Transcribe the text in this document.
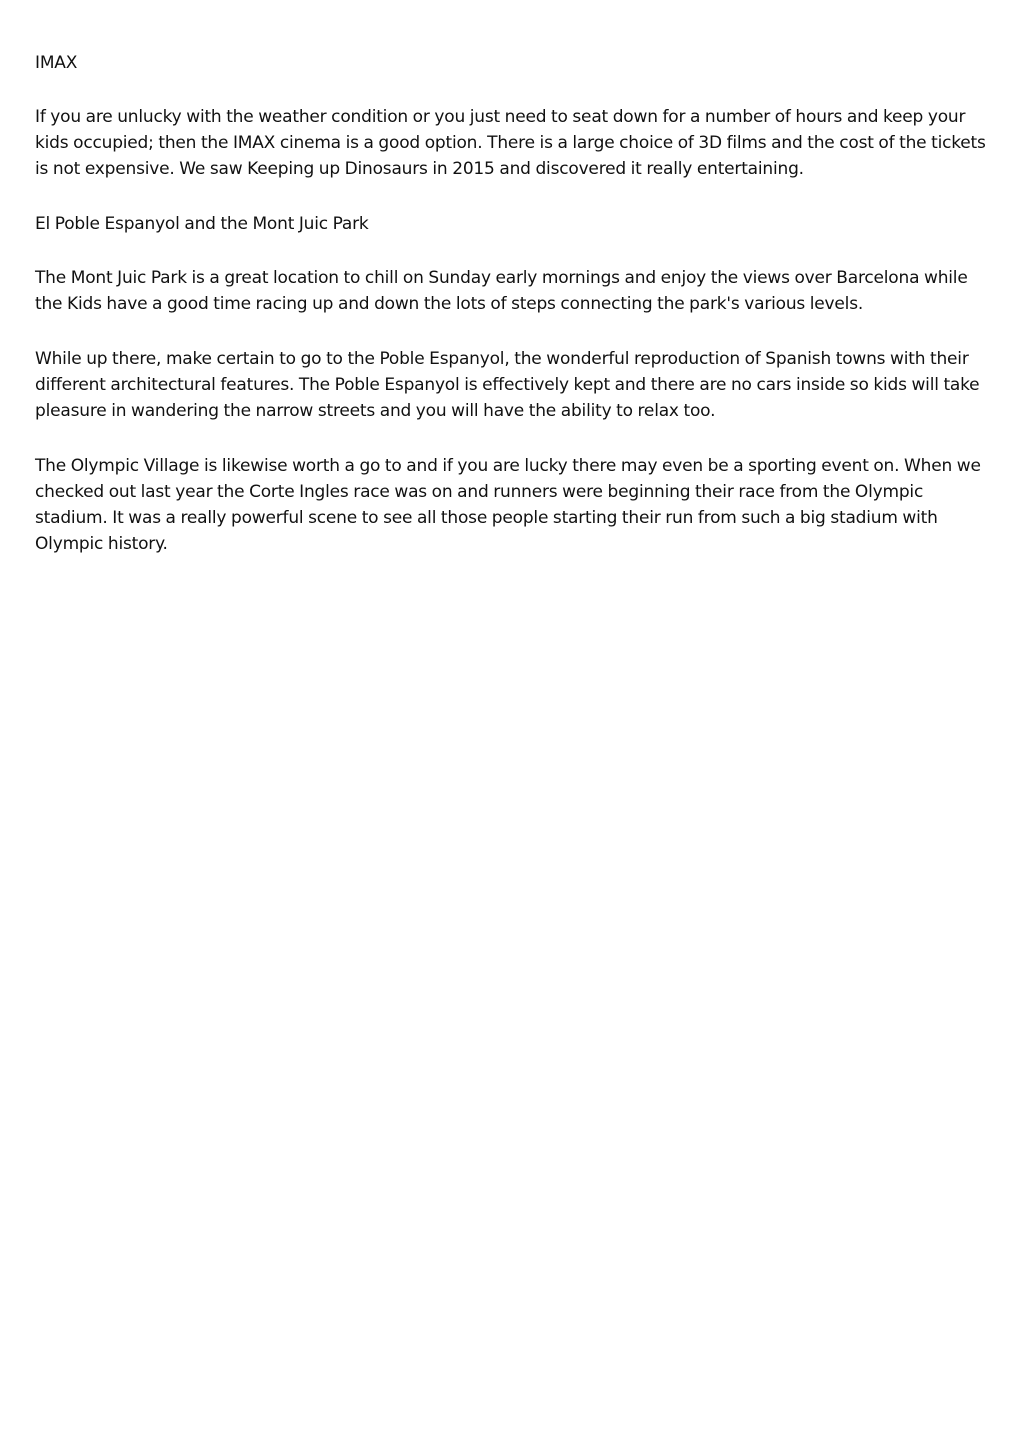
IMAX

If you are unlucky with the weather condition or you just need to seat down for a number of hours and keep your kids occupied; then the IMAX cinema is a good option. There is a large choice of 3D films and the cost of the tickets is not expensive. We saw Keeping up Dinosaurs in 2015 and discovered it really entertaining.

El Poble Espanyol and the Mont Juic Park

The Mont Juic Park is a great location to chill on Sunday early mornings and enjoy the views over Barcelona while the Kids have a good time racing up and down the lots of steps connecting the park's various levels.

While up there, make certain to go to the Poble Espanyol, the wonderful reproduction of Spanish towns with their different architectural features. The Poble Espanyol is effectively kept and there are no cars inside so kids will take pleasure in wandering the narrow streets and you will have the ability to relax too.

The Olympic Village is likewise worth a go to and if you are lucky there may even be a sporting event on. When we checked out last year the Corte Ingles race was on and runners were beginning their race from the Olympic stadium. It was a really powerful scene to see all those people starting their run from such a big stadium with Olympic history.
